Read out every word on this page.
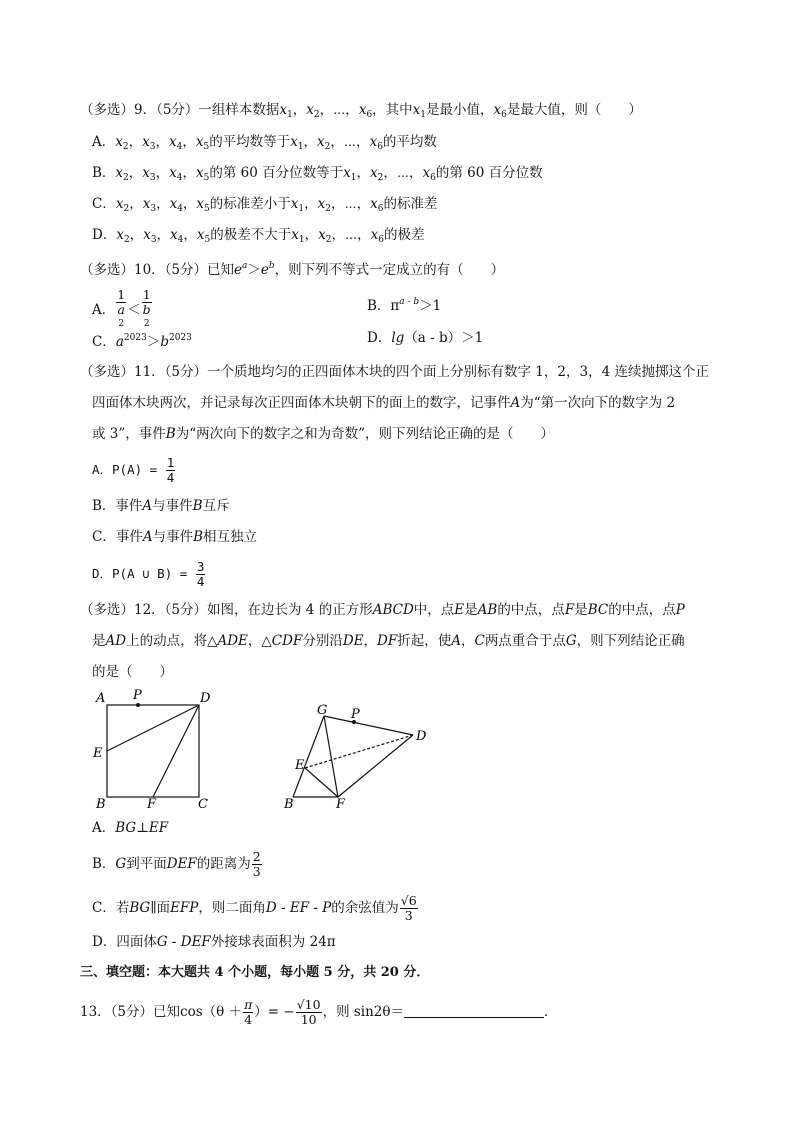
（多选）9．（5分）一组样本数据$x_1$，$x_2$，⋯，$x_6$，其中$x_1$是最小值，$x_6$是最大值，则（　　）
A．$x_2$，$x_3$，$x_4$，$x_5$的平均数等于$x_1$，$x_2$，⋯，$x_6$的平均数
B．$x_2$，$x_3$，$x_4$，$x_5$的第 60 百分位数等于$x_1$，$x_2$，⋯，$x_6$的第 60 百分位数
C．$x_2$，$x_3$，$x_4$，$x_5$的标准差小于$x_1$，$x_2$，⋯，$x_6$的标准差
D．$x_2$，$x_3$，$x_4$，$x_5$的极差不大于$x_1$，$x_2$，⋯，$x_6$的极差
（多选）10．（5分）已知$e^a>e^b$，则下列不等式一定成立的有（　　）
A．
1
a
$^2$＜
1
b
$^2$
B．$\pi^{a - b}>1$
C．$a^{2023}>b^{2023}$	D．lg（a - b）＞1
（多选）11．（5分）一个质地均匀的正四面体木块的四个面上分别标有数字 1，2，3，4 连续抛掷这个正
四面体木块两次，并记录每次正四面体木块朝下的面上的数字，记事件A为“第一次向下的数字为 2
或 3”，事件B为“两次向下的数字之和为奇数”，则下列结论正确的是（　　）
A．$P(A) = \frac{1}{4}$
B．事件A与事件B互斥
C．事件A与事件B相互独立
D．P(A ∪ $B) = \frac{3}{4}$
（多选）12．（5分）如图，在边长为 4 的正方形ABCD中，点E是AB的中点，点F是BC的中点，点P
是AD上的动点，将△ADE，△CDF分别沿DE，DF折起，使A，C两点重合于点G，则下列结论正确
的是（　　）
A P	D
E
B	F	C
G P
D
E
B	F
A．BG⊥EF
B．G到平面DEF的距离为 $\frac{2}{3}$
C．若BG∥面EFP，则二面角D - EF - P的余弦值为 $\frac{√6}{3}$
D．四面体G - DEF外接球表面积为 24π
三、填空题：本大题共 4 个小题，每小题 5 分，共 20 分．
13．（5分）已知$\cos(\theta + \frac{\pi}{4}$ ）= − $\frac{√10}{10}$ ，则 sin2θ＝	．
